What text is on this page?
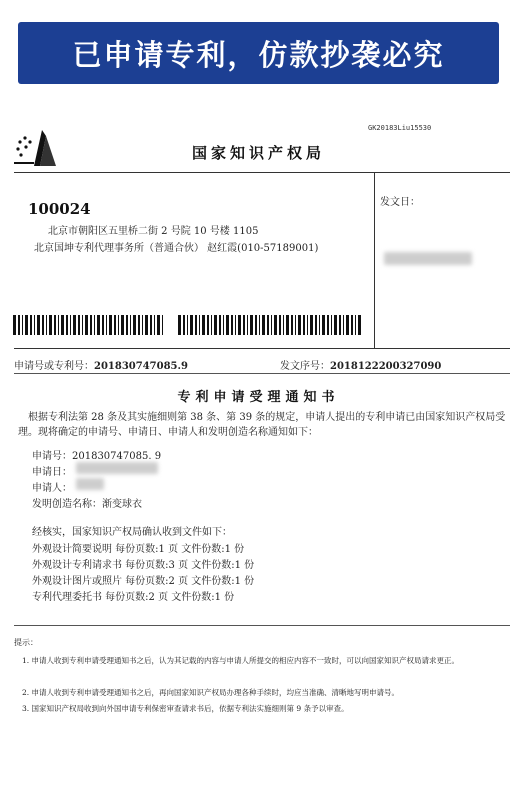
已申请专利，仿款抄袭必究
GK20183Liu15530
国家知识产权局
100024
北京市朝阳区五里桥二街 2 号院 10 号楼 1105
北京国坤专利代理事务所（普通合伙） 赵红霞(010-57189001)
发文日：
申请号或专利号：201830747085.9	发文序号：2018122200327090
专利申请受理通知书
根据专利法第 28 条及其实施细则第 38 条、第 39 条的规定，申请人提出的专利申请已由国家知识产权局受理。现将确定的申请号、申请日、申请人和发明创造名称通知如下：
申请号：201830747085. 9
申请日：
申请人：
发明创造名称：渐变球衣
经核实，国家知识产权局确认收到文件如下：
外观设计简要说明 每份页数:1 页 文件份数:1 份
外观设计专利请求书 每份页数:3 页 文件份数:1 份
外观设计图片或照片 每份页数:2 页 文件份数:1 份
专利代理委托书 每份页数:2 页 文件份数:1 份
提示：
1. 申请人收到专利申请受理通知书之后，认为其记载的内容与申请人所提交的相应内容不一致时，可以向国家知识产权局请求更正。
2. 申请人收到专利申请受理通知书之后，再向国家知识产权局办理各种手续时，均应当准确、清晰地写明申请号。
3. 国家知识产权局收到向外国申请专利保密审查请求书后，依据专利法实施细则第 9 条予以审查。
